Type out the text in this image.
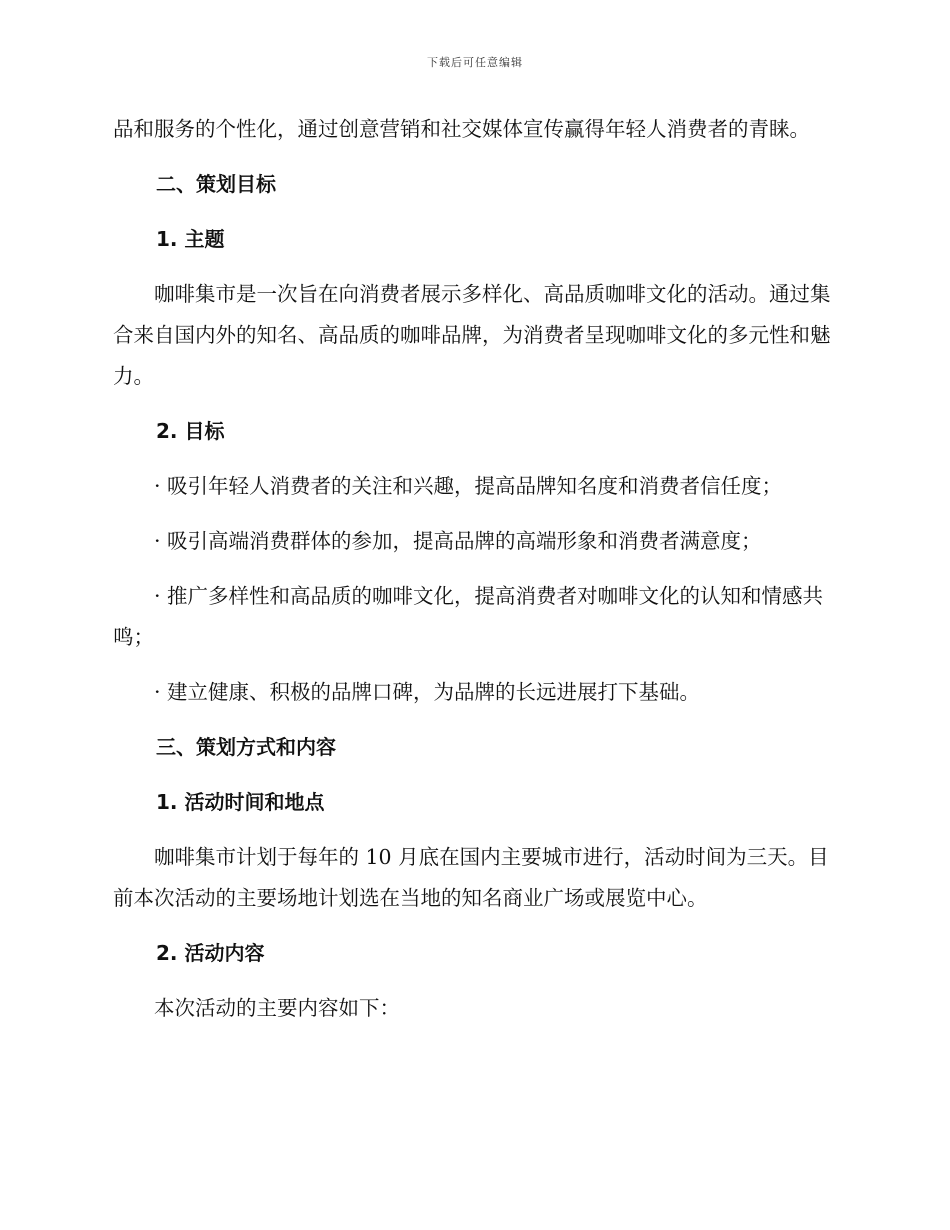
下载后可任意编辑

品和服务的个性化，通过创意营销和社交媒体宣传赢得年轻人消费者的青睐。

二、策划目标

1. 主题

咖啡集市是一次旨在向消费者展示多样化、高品质咖啡文化的活动。通过集合来自国内外的知名、高品质的咖啡品牌，为消费者呈现咖啡文化的多元性和魅力。

2. 目标

· 吸引年轻人消费者的关注和兴趣，提高品牌知名度和消费者信任度；

· 吸引高端消费群体的参加，提高品牌的高端形象和消费者满意度；

· 推广多样性和高品质的咖啡文化，提高消费者对咖啡文化的认知和情感共鸣；

· 建立健康、积极的品牌口碑，为品牌的长远进展打下基础。

三、策划方式和内容

1. 活动时间和地点

咖啡集市计划于每年的 10 月底在国内主要城市进行，活动时间为三天。目前本次活动的主要场地计划选在当地的知名商业广场或展览中心。

2. 活动内容

本次活动的主要内容如下：
